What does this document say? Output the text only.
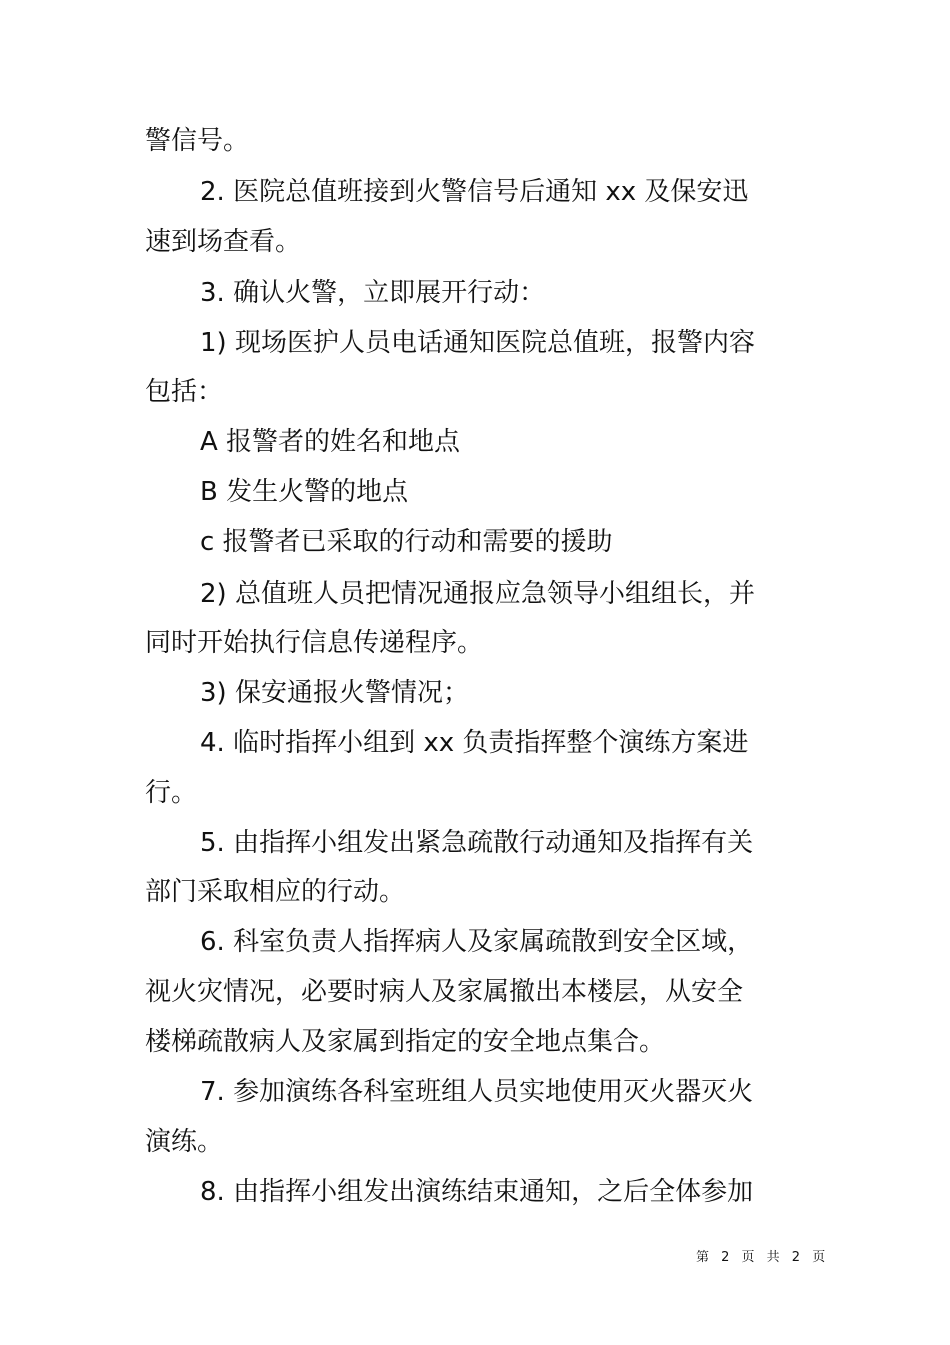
警信号。
2. 医院总值班接到火警信号后通知 xx 及保安迅
速到场查看。
3. 确认火警，立即展开行动：
1) 现场医护人员电话通知医院总值班，报警内容
包括：
A 报警者的姓名和地点
B 发生火警的地点
c 报警者已采取的行动和需要的援助
2) 总值班人员把情况通报应急领导小组组长，并
同时开始执行信息传递程序。
3) 保安通报火警情况；
4. 临时指挥小组到 xx 负责指挥整个演练方案进
行。
5. 由指挥小组发出紧急疏散行动通知及指挥有关
部门采取相应的行动。
6. 科室负责人指挥病人及家属疏散到安全区域，
视火灾情况，必要时病人及家属撤出本楼层，从安全
楼梯疏散病人及家属到指定的安全地点集合。
7. 参加演练各科室班组人员实地使用灭火器灭火
演练。
8. 由指挥小组发出演练结束通知，之后全体参加
第 2 页 共 2 页
